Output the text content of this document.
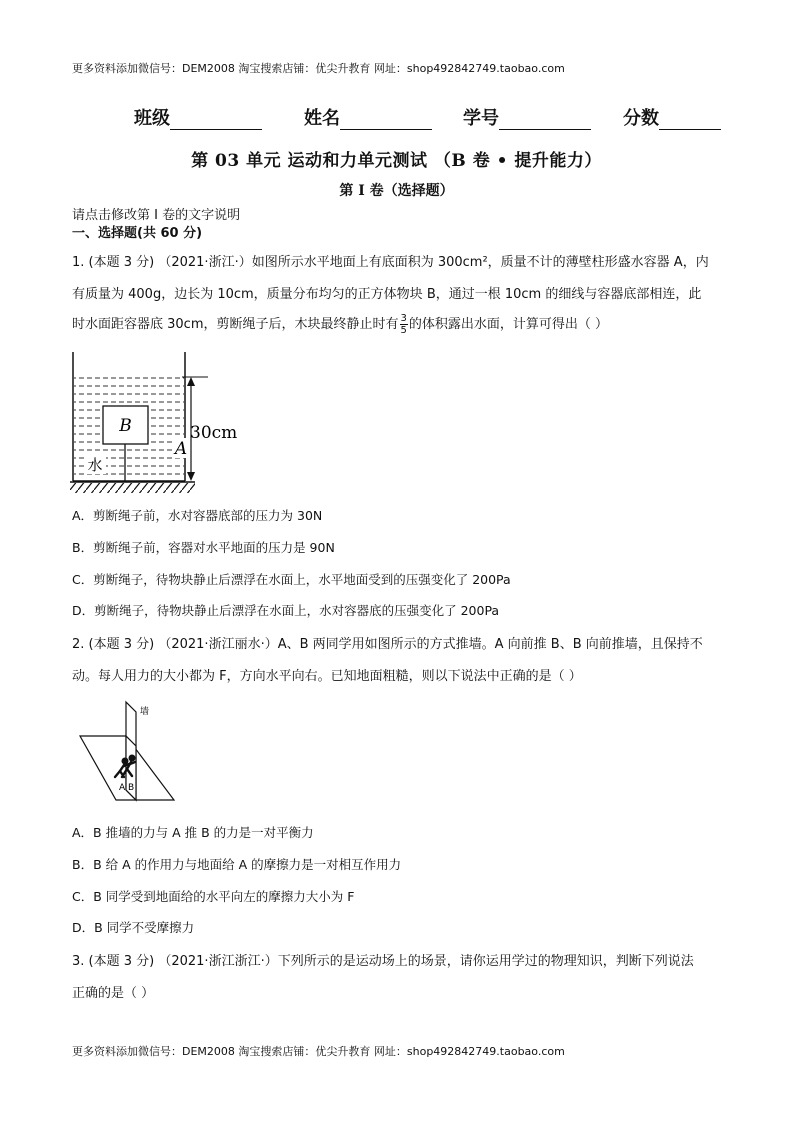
更多资料添加微信号：DEM2008 淘宝搜索店铺：优尖升教育 网址：shop492842749.taobao.com
班级	姓名	学号	分数
第 03 单元 运动和力单元测试 （B 卷 • 提升能力）
第 I 卷（选择题）
请点击修改第 I 卷的文字说明
一、选择题(共 60 分)
1. (本题 3 分) （2021·浙江·）如图所示水平地面上有底面积为 300cm²，质量不计的薄壁柱形盛水容器 A，内
有质量为 400g，边长为 10cm，质量分布均匀的正方体物块 B，通过一根 10cm 的细线与容器底部相连，此
时水面距容器底 30cm，剪断绳子后，木块最终静止时有 $\frac{3}{5}$ 的体积露出水面，计算可得出（ ）
B
水
A
30cm
A．剪断绳子前，水对容器底部的压力为 30N
B．剪断绳子前，容器对水平地面的压力是 90N
C．剪断绳子，待物块静止后漂浮在水面上，水平地面受到的压强变化了 200Pa
D．剪断绳子，待物块静止后漂浮在水面上，水对容器底的压强变化了 200Pa
2. (本题 3 分) （2021·浙江丽水·）A、B 两同学用如图所示的方式推墙。A 向前推 B、B 向前推墙，且保持不
动。每人用力的大小都为 F，方向水平向右。已知地面粗糙，则以下说法中正确的是（ ）
墙
A B
A．B 推墙的力与 A 推 B 的力是一对平衡力
B．B 给 A 的作用力与地面给 A 的摩擦力是一对相互作用力
C．B 同学受到地面给的水平向左的摩擦力大小为 F
D．B 同学不受摩擦力
3. (本题 3 分) （2021·浙江浙江·）下列所示的是运动场上的场景，请你运用学过的物理知识，判断下列说法
正确的是（ ）
更多资料添加微信号：DEM2008 淘宝搜索店铺：优尖升教育 网址：shop492842749.taobao.com
